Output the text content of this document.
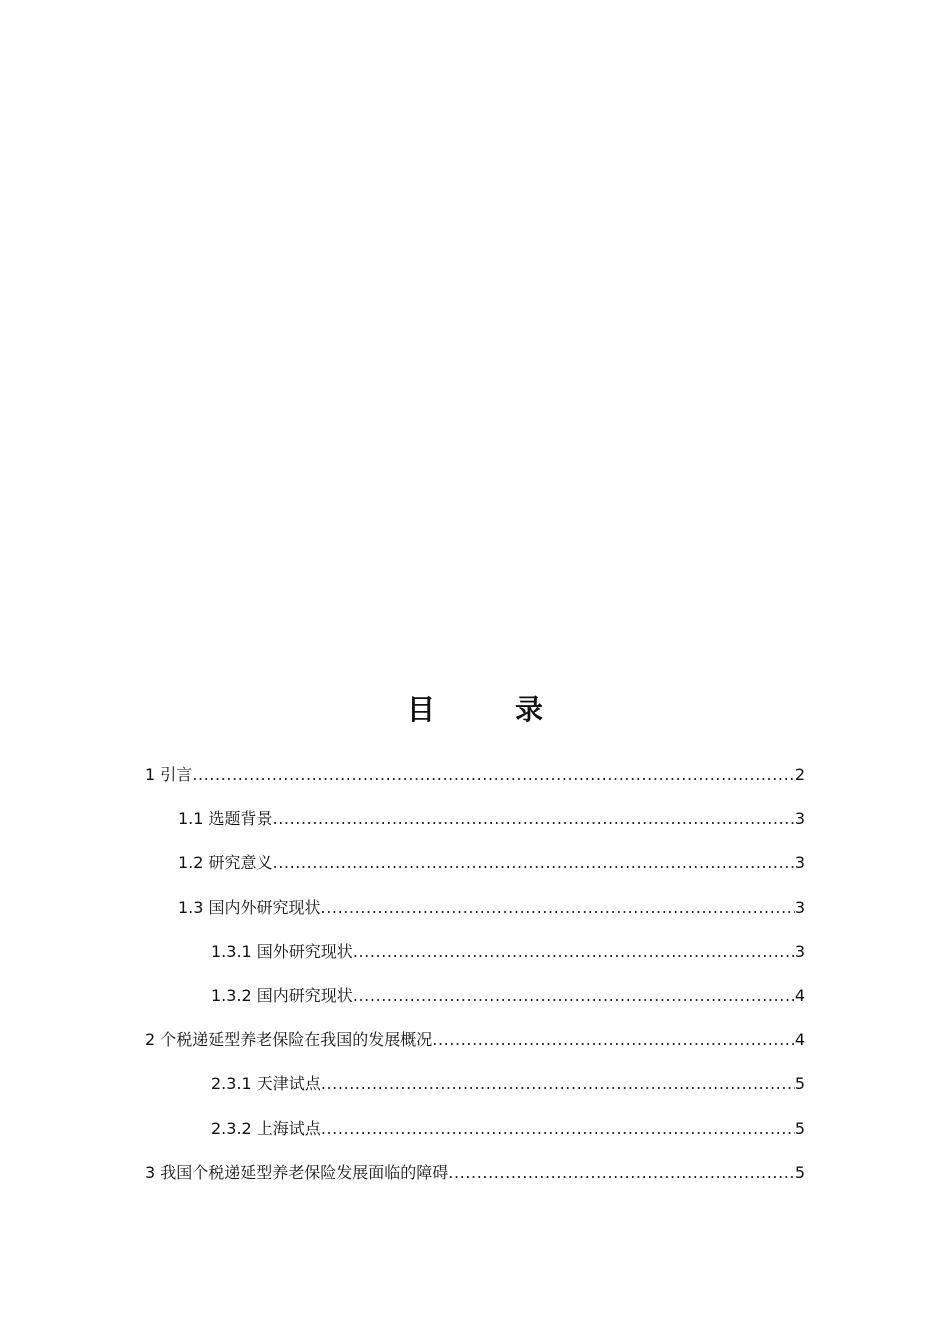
目　录
1 引言 .....	2
1.1 选题背景 .....	3
1.2 研究意义 .....	3
1.3 国内外研究现状 .....	3
1.3.1 国外研究现状 .....	3
1.3.2 国内研究现状 .....	4
2 个税递延型养老保险在我国的发展概况 .....	4
2.3.1 天津试点 .....	5
2.3.2 上海试点 .....	5
3 我国个税递延型养老保险发展面临的障碍 .....	5
